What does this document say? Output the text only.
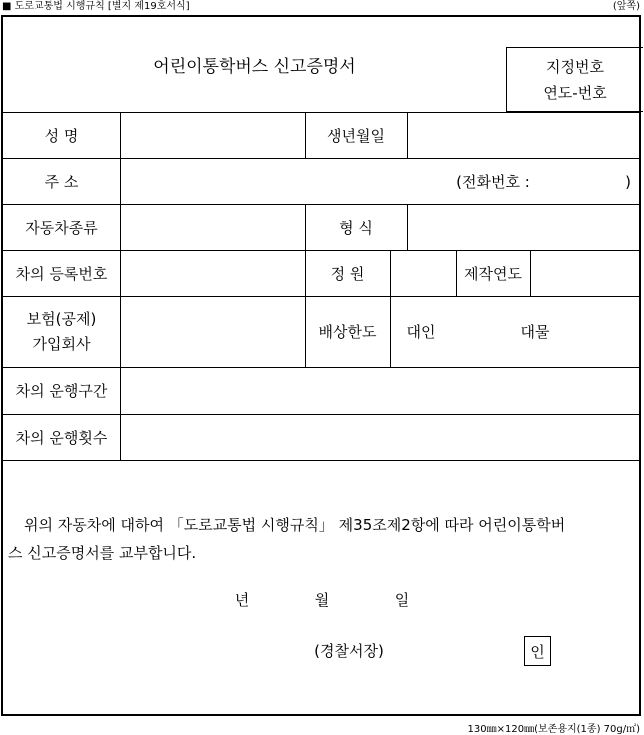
■ 도로교통법 시행규칙 [별지 제19호서식]	(앞쪽)
어린이통학버스 신고증명서	지정번호
연도-번호
성 명	생년월일
주 소	(전화번호 :                    )
자동차종류	형 식
차의 등록번호	정 원	제작연도
보험(공제)
가입회사
배상한도	대인	대물
차의 운행구간
차의 운행횟수
위의 자동차에 대하여 「도로교통법 시행규칙」 제35조제2항에 따라 어린이통학버
스 신고증명서를 교부합니다.
년	월	일
(경찰서장)	인
130㎜×120㎜(보존용지(1종) 70g/㎡)
